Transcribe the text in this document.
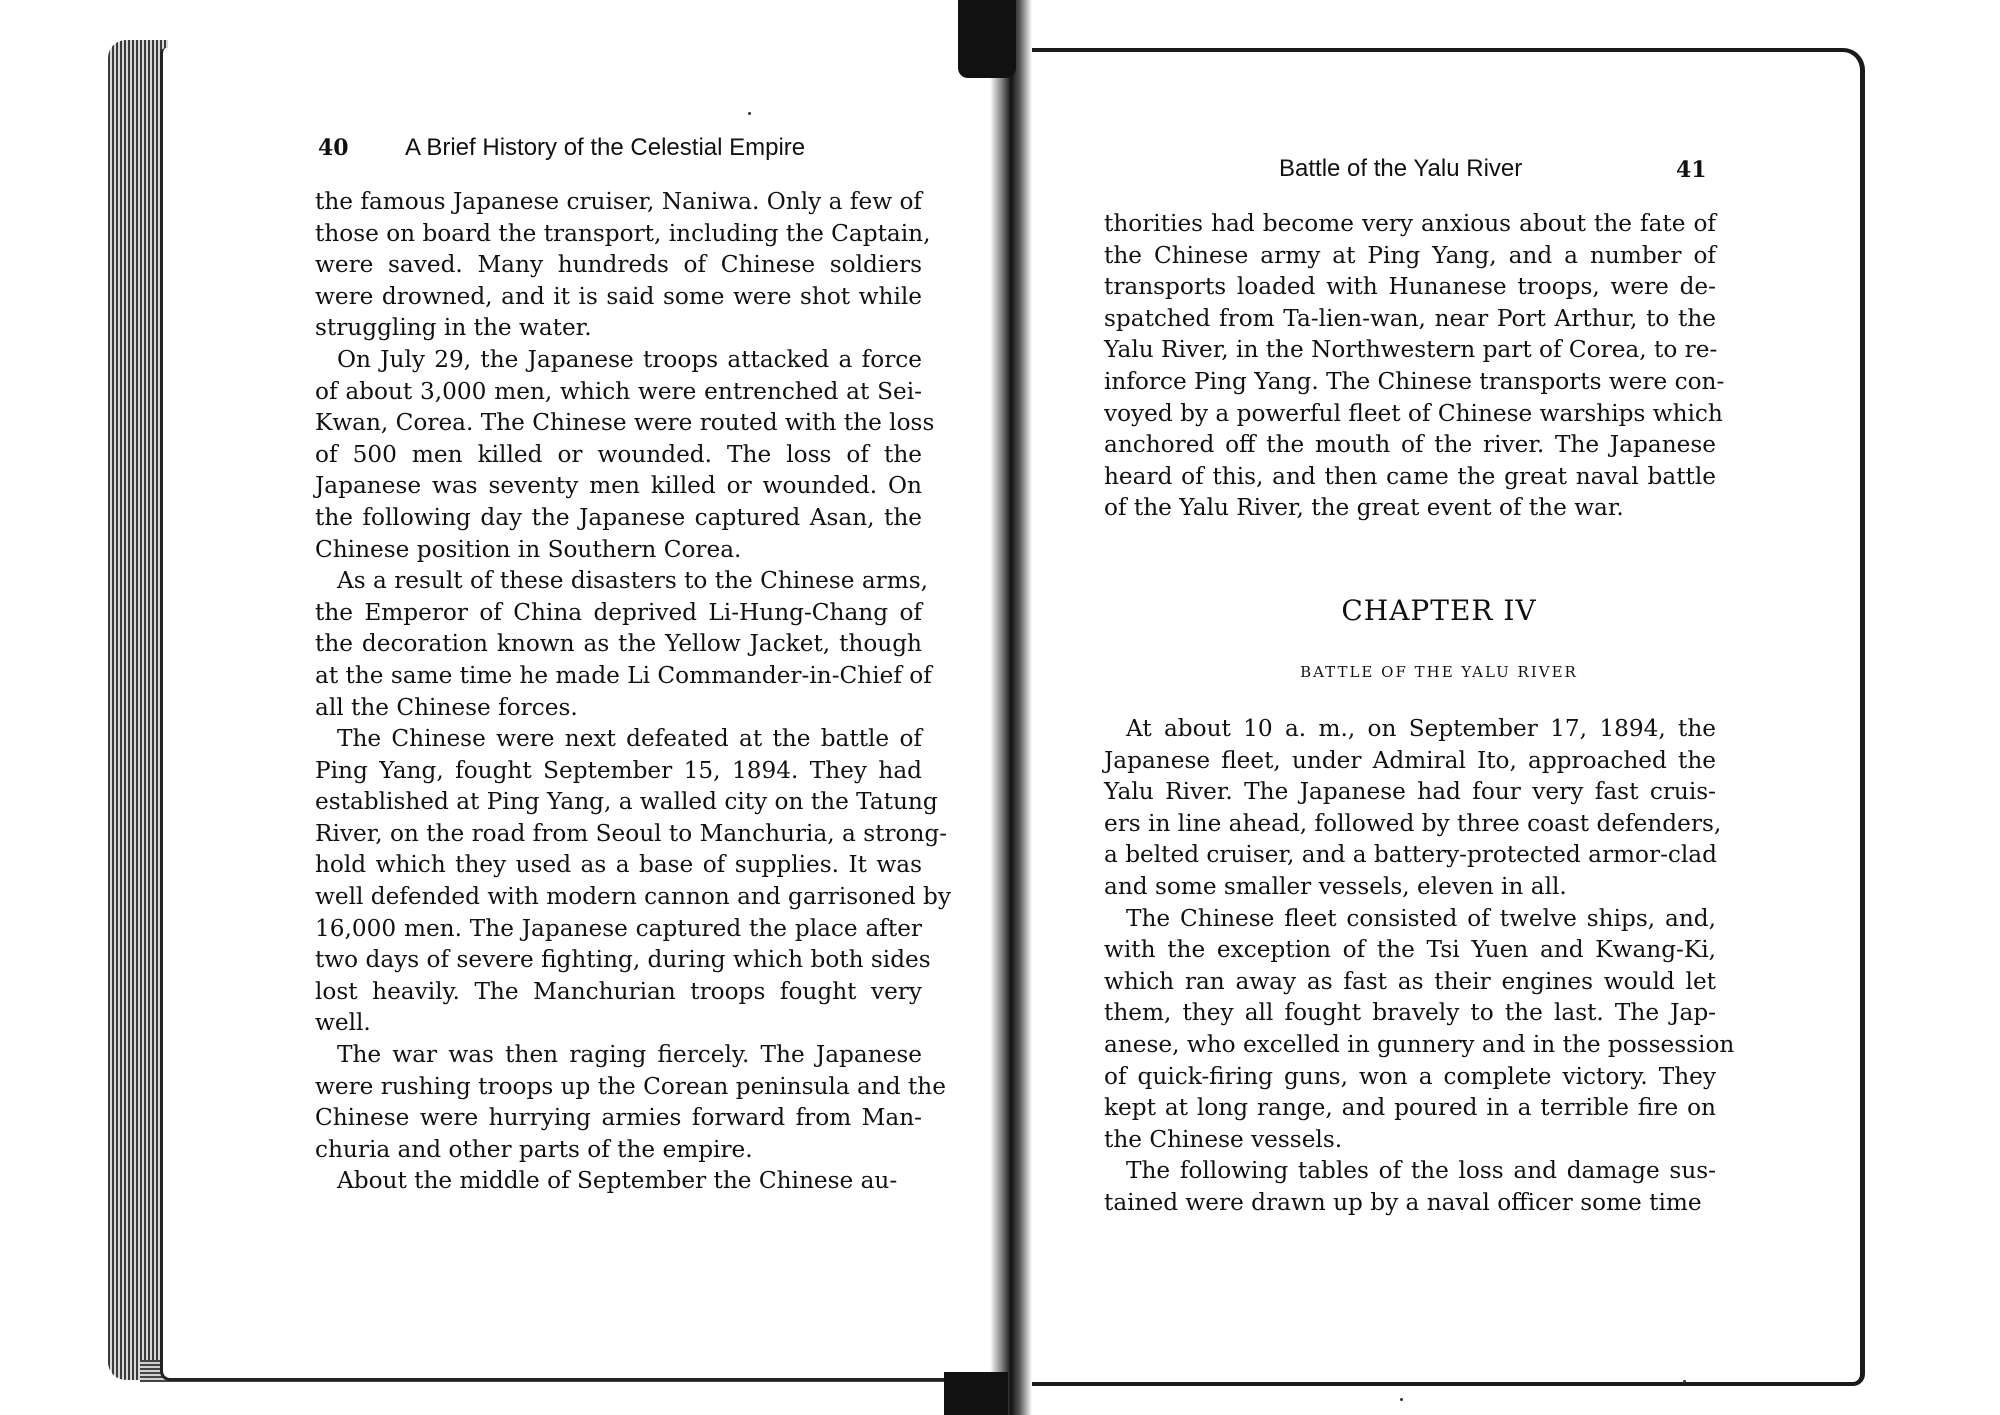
40 A Brief History of the Celestial Empire
the famous Japanese cruiser, Naniwa. Only a few of
those on board the transport, including the Captain,
were saved. Many hundreds of Chinese soldiers
were drowned, and it is said some were shot while
struggling in the water.
On July 29, the Japanese troops attacked a force
of about 3,000 men, which were entrenched at Sei-
Kwan, Corea. The Chinese were routed with the loss
of 500 men killed or wounded. The loss of the
Japanese was seventy men killed or wounded. On
the following day the Japanese captured Asan, the
Chinese position in Southern Corea.
As a result of these disasters to the Chinese arms,
the Emperor of China deprived Li-Hung-Chang of
the decoration known as the Yellow Jacket, though
at the same time he made Li Commander-in-Chief of
all the Chinese forces.
The Chinese were next defeated at the battle of
Ping Yang, fought September 15, 1894. They had
established at Ping Yang, a walled city on the Tatung
River, on the road from Seoul to Manchuria, a strong-
hold which they used as a base of supplies. It was
well defended with modern cannon and garrisoned by
16,000 men. The Japanese captured the place after
two days of severe fighting, during which both sides
lost heavily. The Manchurian troops fought very
well.
The war was then raging fiercely. The Japanese
were rushing troops up the Corean peninsula and the
Chinese were hurrying armies forward from Man-
churia and other parts of the empire.
About the middle of September the Chinese au-
Battle of the Yalu River	41
thorities had become very anxious about the fate of
the Chinese army at Ping Yang, and a number of
transports loaded with Hunanese troops, were de-
spatched from Ta-lien-wan, near Port Arthur, to the
Yalu River, in the Northwestern part of Corea, to re-
inforce Ping Yang. The Chinese transports were con-
voyed by a powerful fleet of Chinese warships which
anchored off the mouth of the river. The Japanese
heard of this, and then came the great naval battle
of the Yalu River, the great event of the war.
CHAPTER IV
BATTLE OF THE YALU RIVER
At about 10 a. m., on September 17, 1894, the
Japanese fleet, under Admiral Ito, approached the
Yalu River. The Japanese had four very fast cruis-
ers in line ahead, followed by three coast defenders,
a belted cruiser, and a battery-protected armor-clad
and some smaller vessels, eleven in all.
The Chinese fleet consisted of twelve ships, and,
with the exception of the Tsi Yuen and Kwang-Ki,
which ran away as fast as their engines would let
them, they all fought bravely to the last. The Jap-
anese, who excelled in gunnery and in the possession
of quick-firing guns, won a complete victory. They
kept at long range, and poured in a terrible fire on
the Chinese vessels.
The following tables of the loss and damage sus-
tained were drawn up by a naval officer some time
